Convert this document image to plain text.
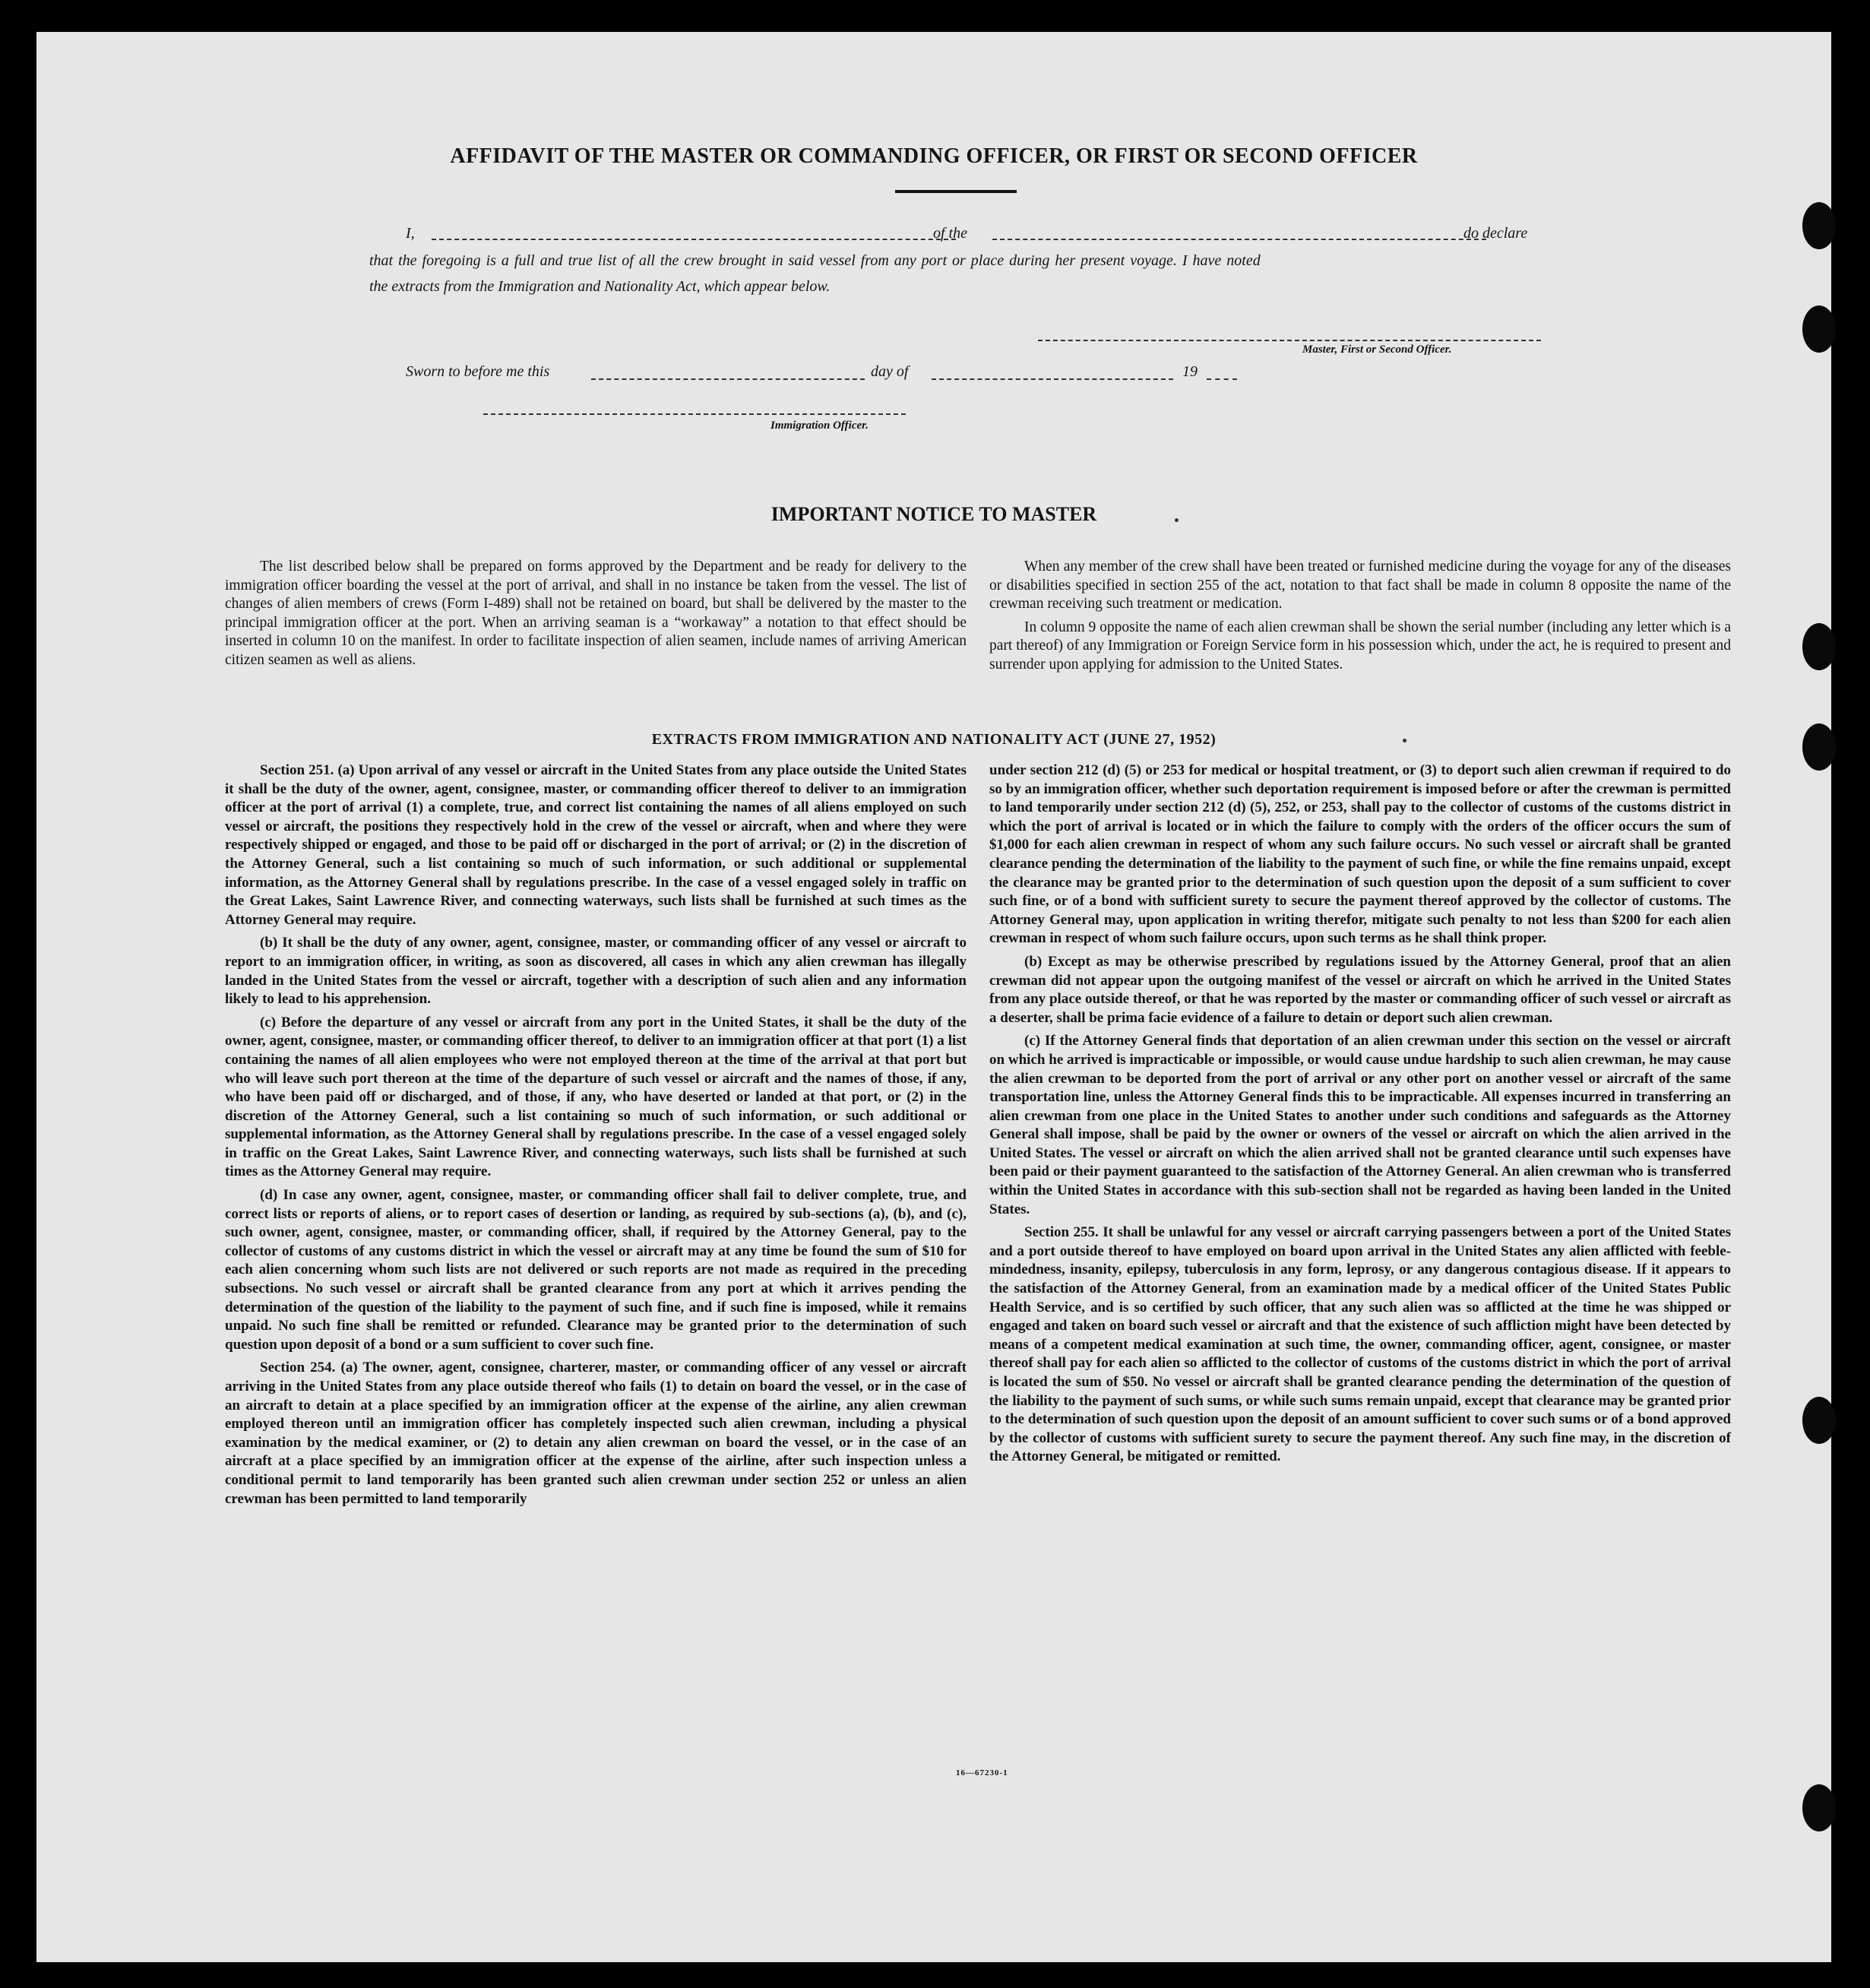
AFFIDAVIT OF THE MASTER OR COMMANDING OFFICER, OR FIRST OR SECOND OFFICER
I,	of the	do declare
that the foregoing is a full and true list of all the crew brought in said vessel from any port or place during her present voyage. I have noted
the extracts from the Immigration and Nationality Act, which appear below.
Master, First or Second Officer.
Sworn to before me this	day of	19
Immigration Officer.
IMPORTANT NOTICE TO MASTER

The list described below shall be prepared on forms approved by the Department and be ready for delivery to the immigration officer boarding the vessel at the port of arrival, and shall in no instance be taken from the vessel. The list of changes of alien members of crews (Form I-489) shall not be retained on board, but shall be delivered by the master to the principal immigration officer at the port. When an arriving seaman is a “workaway” a notation to that effect should be inserted in column 10 on the manifest. In order to facilitate inspection of alien seamen, include names of arriving American citizen seamen as well as aliens.

When any member of the crew shall have been treated or furnished medicine during the voyage for any of the diseases or disabilities specified in section 255 of the act, notation to that fact shall be made in column 8 opposite the name of the crewman receiving such treatment or medication.

In column 9 opposite the name of each alien crewman shall be shown the serial number (including any letter which is a part thereof) of any Immigration or Foreign Service form in his possession which, under the act, he is required to present and surrender upon applying for admission to the United States.

EXTRACTS FROM IMMIGRATION AND NATIONALITY ACT (JUNE 27, 1952)

Section 251. (a) Upon arrival of any vessel or aircraft in the United States from any place outside the United States it shall be the duty of the owner, agent, consignee, master, or commanding officer thereof to deliver to an immigration officer at the port of arrival (1) a complete, true, and correct list containing the names of all aliens employed on such vessel or aircraft, the positions they respectively hold in the crew of the vessel or aircraft, when and where they were respectively shipped or engaged, and those to be paid off or discharged in the port of arrival; or (2) in the discretion of the Attorney General, such a list containing so much of such information, or such additional or supplemental information, as the Attorney General shall by regulations prescribe. In the case of a vessel engaged solely in traffic on the Great Lakes, Saint Lawrence River, and connecting waterways, such lists shall be furnished at such times as the Attorney General may require.

(b) It shall be the duty of any owner, agent, consignee, master, or commanding officer of any vessel or aircraft to report to an immigration officer, in writing, as soon as discovered, all cases in which any alien crewman has illegally landed in the United States from the vessel or aircraft, together with a description of such alien and any information likely to lead to his apprehension.

(c) Before the departure of any vessel or aircraft from any port in the United States, it shall be the duty of the owner, agent, consignee, master, or commanding officer thereof, to deliver to an immigration officer at that port (1) a list containing the names of all alien employees who were not employed thereon at the time of the arrival at that port but who will leave such port thereon at the time of the departure of such vessel or aircraft and the names of those, if any, who have been paid off or discharged, and of those, if any, who have deserted or landed at that port, or (2) in the discretion of the Attorney General, such a list containing so much of such information, or such additional or supplemental information, as the Attorney General shall by regulations prescribe. In the case of a vessel engaged solely in traffic on the Great Lakes, Saint Lawrence River, and connecting waterways, such lists shall be furnished at such times as the Attorney General may require.

(d) In case any owner, agent, consignee, master, or commanding officer shall fail to deliver complete, true, and correct lists or reports of aliens, or to report cases of desertion or landing, as required by sub-sections (a), (b), and (c), such owner, agent, consignee, master, or commanding officer, shall, if required by the Attorney General, pay to the collector of customs of any customs district in which the vessel or aircraft may at any time be found the sum of $10 for each alien concerning whom such lists are not delivered or such reports are not made as required in the preceding subsections. No such vessel or aircraft shall be granted clearance from any port at which it arrives pending the determination of the question of the liability to the payment of such fine, and if such fine is imposed, while it remains unpaid. No such fine shall be remitted or refunded. Clearance may be granted prior to the determination of such question upon deposit of a bond or a sum sufficient to cover such fine.

Section 254. (a) The owner, agent, consignee, charterer, master, or commanding officer of any vessel or aircraft arriving in the United States from any place outside thereof who fails (1) to detain on board the vessel, or in the case of an aircraft to detain at a place specified by an immigration officer at the expense of the airline, any alien crewman employed thereon until an immigration officer has completely inspected such alien crewman, including a physical examination by the medical examiner, or (2) to detain any alien crewman on board the vessel, or in the case of an aircraft at a place specified by an immigration officer at the expense of the airline, after such inspection unless a conditional permit to land temporarily has been granted such alien crewman under section 252 or unless an alien crewman has been permitted to land temporarily

under section 212 (d) (5) or 253 for medical or hospital treatment, or (3) to deport such alien crewman if required to do so by an immigration officer, whether such deportation requirement is imposed before or after the crewman is permitted to land temporarily under section 212 (d) (5), 252, or 253, shall pay to the collector of customs of the customs district in which the port of arrival is located or in which the failure to comply with the orders of the officer occurs the sum of $1,000 for each alien crewman in respect of whom any such failure occurs. No such vessel or aircraft shall be granted clearance pending the determination of the liability to the payment of such fine, or while the fine remains unpaid, except the clearance may be granted prior to the determination of such question upon the deposit of a sum sufficient to cover such fine, or of a bond with sufficient surety to secure the payment thereof approved by the collector of customs. The Attorney General may, upon application in writing therefor, mitigate such penalty to not less than $200 for each alien crewman in respect of whom such failure occurs, upon such terms as he shall think proper.

(b) Except as may be otherwise prescribed by regulations issued by the Attorney General, proof that an alien crewman did not appear upon the outgoing manifest of the vessel or aircraft on which he arrived in the United States from any place outside thereof, or that he was reported by the master or commanding officer of such vessel or aircraft as a deserter, shall be prima facie evidence of a failure to detain or deport such alien crewman.

(c) If the Attorney General finds that deportation of an alien crewman under this section on the vessel or aircraft on which he arrived is impracticable or impossible, or would cause undue hardship to such alien crewman, he may cause the alien crewman to be deported from the port of arrival or any other port on another vessel or aircraft of the same transportation line, unless the Attorney General finds this to be impracticable. All expenses incurred in transferring an alien crewman from one place in the United States to another under such conditions and safeguards as the Attorney General shall impose, shall be paid by the owner or owners of the vessel or aircraft on which the alien arrived in the United States. The vessel or aircraft on which the alien arrived shall not be granted clearance until such expenses have been paid or their payment guaranteed to the satisfaction of the Attorney General. An alien crewman who is transferred within the United States in accordance with this sub-section shall not be regarded as having been landed in the United States.

Section 255. It shall be unlawful for any vessel or aircraft carrying passengers between a port of the United States and a port outside thereof to have employed on board upon arrival in the United States any alien afflicted with feeble-mindedness, insanity, epilepsy, tuberculosis in any form, leprosy, or any dangerous contagious disease. If it appears to the satisfaction of the Attorney General, from an examination made by a medical officer of the United States Public Health Service, and is so certified by such officer, that any such alien was so afflicted at the time he was shipped or engaged and taken on board such vessel or aircraft and that the existence of such affliction might have been detected by means of a competent medical examination at such time, the owner, commanding officer, agent, consignee, or master thereof shall pay for each alien so afflicted to the collector of customs of the customs district in which the port of arrival is located the sum of $50. No vessel or aircraft shall be granted clearance pending the determination of the question of the liability to the payment of such sums, or while such sums remain unpaid, except that clearance may be granted prior to the determination of such question upon the deposit of an amount sufficient to cover such sums or of a bond approved by the collector of customs with sufficient surety to secure the payment thereof. Any such fine may, in the discretion of the Attorney General, be mitigated or remitted.

16—67230-1
